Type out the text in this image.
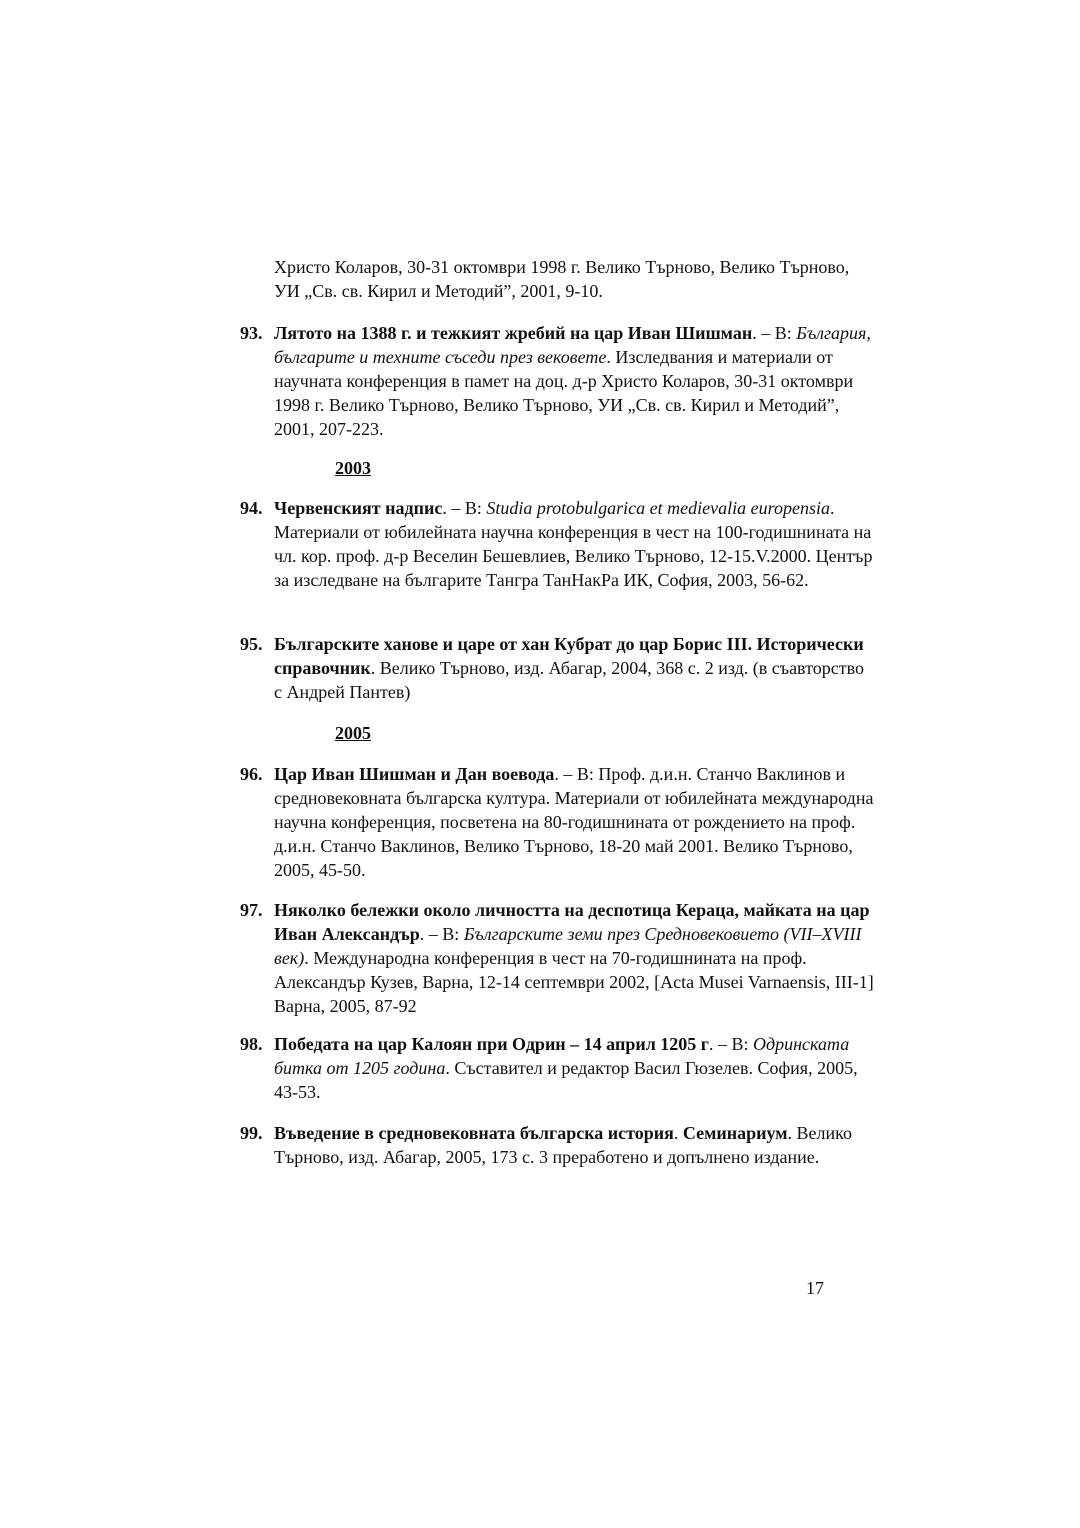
Христо Коларов, 30-31 октомври 1998 г. Велико Търново, Велико Търново, УИ „Св. св. Кирил и Методий”, 2001, 9-10.

93. Лятото на 1388 г. и тежкият жребий на цар Иван Шишман. – В: България, българите и техните съседи през вековете. Изследвания и материали от научната конференция в памет на доц. д-р Христо Коларов, 30-31 октомври 1998 г. Велико Търново, Велико Търново, УИ „Св. св. Кирил и Методий”, 2001, 207-223.
2003
94. Червенският надпис. – В: Studia protobulgarica et medievalia europensia. Материали от юбилейната научна конференция в чест на 100-годишнината на чл. кор. проф. д-р Веселин Бешевлиев, Велико Търново, 12-15.V.2000. Център за изследване на българите Тангра ТанНакРа ИК, София, 2003, 56-62.
95. Българските ханове и царе от хан Кубрат до цар Борис III. Исторически справочник. Велико Търново, изд. Абагар, 2004, 368 с. 2 изд. (в съавторство с Андрей Пантев)
2005
96. Цар Иван Шишман и Дан воевода. – В: Проф. д.и.н. Станчо Ваклинов и средновековната българска култура. Материали от юбилейната международна научна конференция, посветена на 80-годишнината от рождението на проф. д.и.н. Станчо Ваклинов, Велико Търново, 18-20 май 2001. Велико Търново, 2005, 45-50.
97. Няколко бележки около личността на деспотица Кераца, майката на цар Иван Александър. – В: Българските земи през Средновековието (VII–XVIII век). Международна конференция в чест на 70-годишнината на проф. Александър Кузев, Варна, 12-14 септември 2002, [Acta Musei Varnaensis, III-1] Варна, 2005, 87-92
98. Победата на цар Калоян при Одрин – 14 април 1205 г. – В: Одринската битка от 1205 година. Съставител и редактор Васил Гюзелев. София, 2005, 43-53.
99. Въведение в средновековната българска история. Семинариум. Велико Търново, изд. Абагар, 2005, 173 с. 3 преработено и допълнено издание.
17
